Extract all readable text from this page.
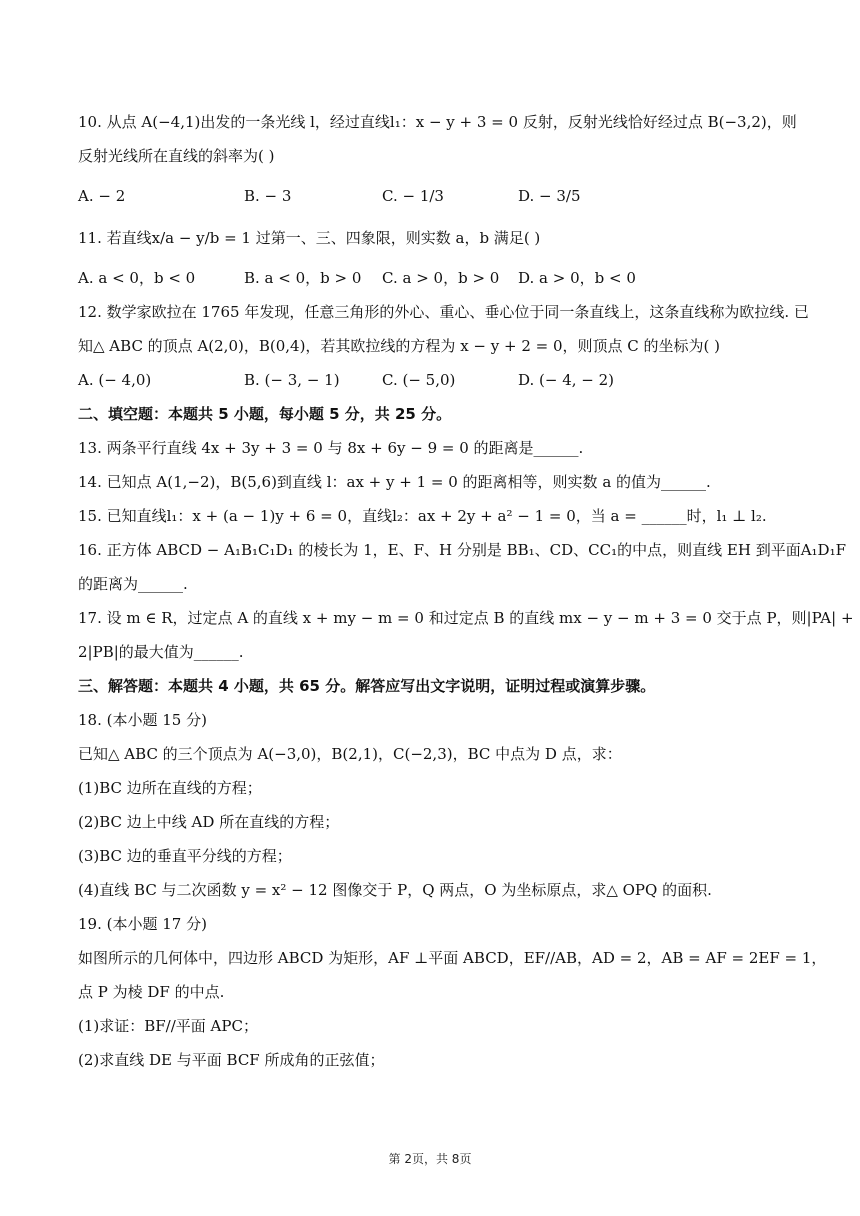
10. 从点 A(−4,1)出发的一条光线 l，经过直线l₁：x − y + 3 = 0 反射，反射光线恰好经过点 B(−3,2)，则
反射光线所在直线的斜率为( )
A. − 2	B. − 3	C. − 1/3	D. − 3/5
11. 若直线x/a − y/b = 1 过第一、三、四象限，则实数 a，b 满足( )
A. a < 0，b < 0	B. a < 0，b > 0 C. a > 0，b > 0 D. a > 0，b < 0
12. 数学家欧拉在 1765 年发现，任意三角形的外心、重心、垂心位于同一条直线上，这条直线称为欧拉线. 已
知△ ABC 的顶点 A(2,0)，B(0,4)，若其欧拉线的方程为 x − y + 2 = 0，则顶点 C 的坐标为( )
A. (− 4,0)	B. (− 3, − 1)	C. (− 5,0)	D. (− 4, − 2)
二、填空题：本题共 5 小题，每小题 5 分，共 25 分。
13. 两条平行直线 4x + 3y + 3 = 0 与 8x + 6y − 9 = 0 的距离是______.
14. 已知点 A(1,−2)，B(5,6)到直线 l：ax + y + 1 = 0 的距离相等，则实数 a 的值为______.
15. 已知直线l₁：x + (a − 1)y + 6 = 0，直线l₂：ax + 2y + a² − 1 = 0，当 a = ______时，l₁ ⊥ l₂.
16. 正方体 ABCD − A₁B₁C₁D₁ 的棱长为 1，E、F、H 分别是 BB₁、CD、CC₁的中点，则直线 EH 到平面A₁D₁F
的距离为______.
17. 设 m ∈ R，过定点 A 的直线 x + my − m = 0 和过定点 B 的直线 mx − y − m + 3 = 0 交于点 P，则|PA| +
2|PB|的最大值为______.
三、解答题：本题共 4 小题，共 65 分。解答应写出文字说明，证明过程或演算步骤。
18. (本小题 15 分)
已知△ ABC 的三个顶点为 A(−3,0)，B(2,1)，C(−2,3)，BC 中点为 D 点，求：
(1)BC 边所在直线的方程；
(2)BC 边上中线 AD 所在直线的方程；
(3)BC 边的垂直平分线的方程；
(4)直线 BC 与二次函数 y = x² − 12 图像交于 P，Q 两点，O 为坐标原点，求△ OPQ 的面积.
19. (本小题 17 分)
如图所示的几何体中，四边形 ABCD 为矩形，AF ⊥平面 ABCD，EF//AB，AD = 2，AB = AF = 2EF = 1，
点 P 为棱 DF 的中点.
(1)求证：BF//平面 APC；
(2)求直线 DE 与平面 BCF 所成角的正弦值；
第 2页，共 8页
